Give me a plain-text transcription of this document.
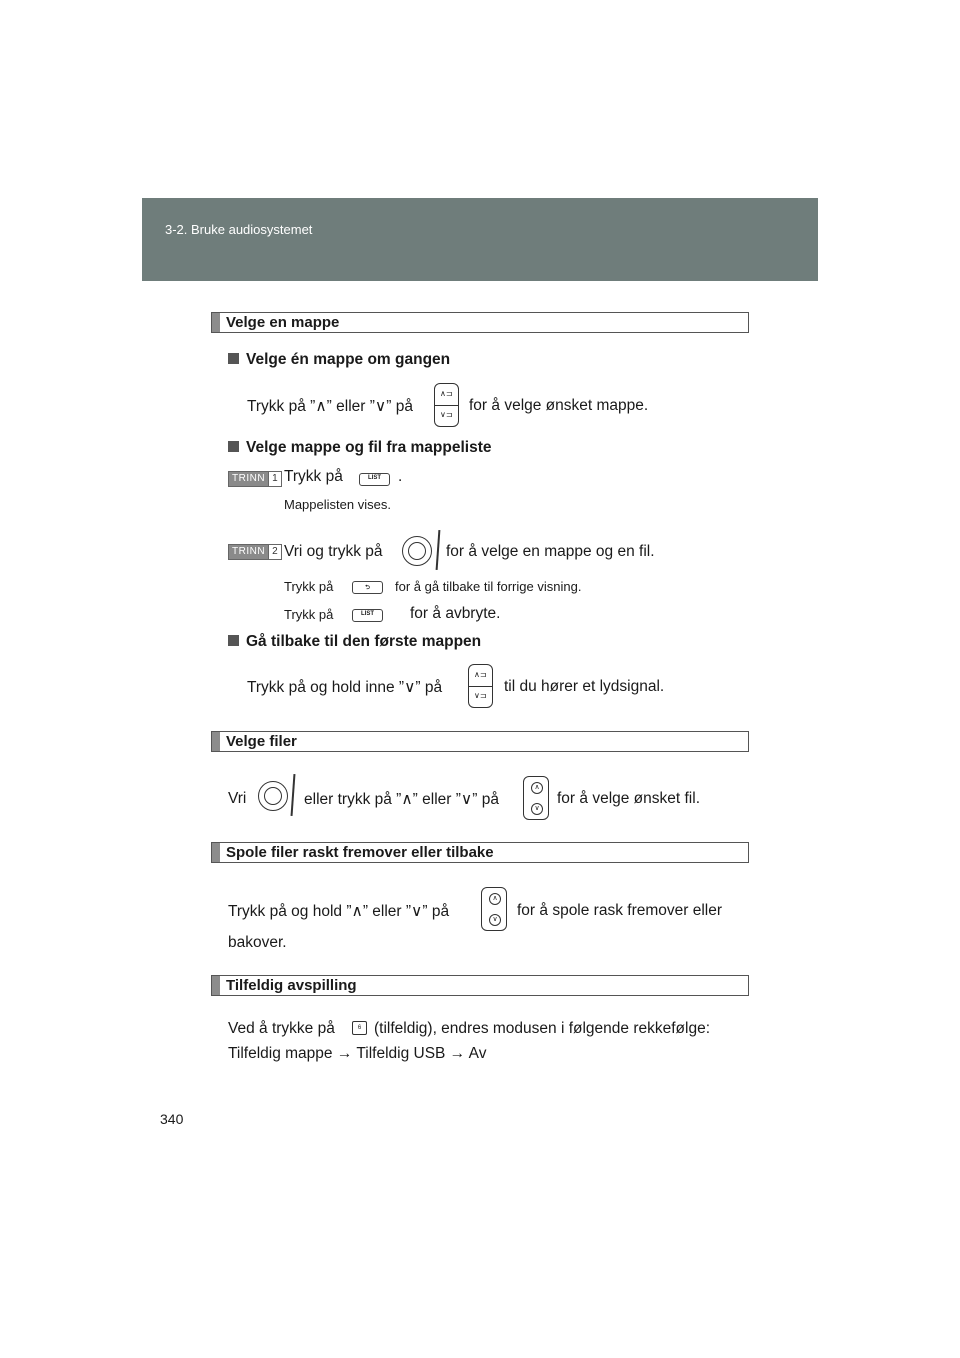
3-2. Bruke audiosystemet
Velge en mappe
Velge én mappe om gangen
Trykk på ”∧” eller ”∨” på
∧⊐
∨⊐
for å velge ønsket mappe.
Velge mappe og fil fra mappeliste
TRINN 1 Trykk på	LIST	.
Mappelisten vises.
TRINN 2 Vri og trykk på	for å velge en mappe og en fil.
Trykk på	⮌	for å gå tilbake til forrige visning.
Trykk på	LIST	for å avbryte.
Gå tilbake til den første mappen
Trykk på og hold inne ”∨” på
∧⊐
∨⊐
til du hører et lydsignal.
Velge filer
Vri	eller trykk på ”∧” eller ”∨” på
∧
∨
for å velge ønsket fil.
Spole filer raskt fremover eller tilbake
Trykk på og hold ”∧” eller ”∨” på
∧
∨
for å spole rask fremover eller
bakover.
Tilfeldig avspilling
Ved å trykke på	6 (tilfeldig), endres modusen i følgende rekkefølge:
Tilfeldig mappe → Tilfeldig USB → Av
340
